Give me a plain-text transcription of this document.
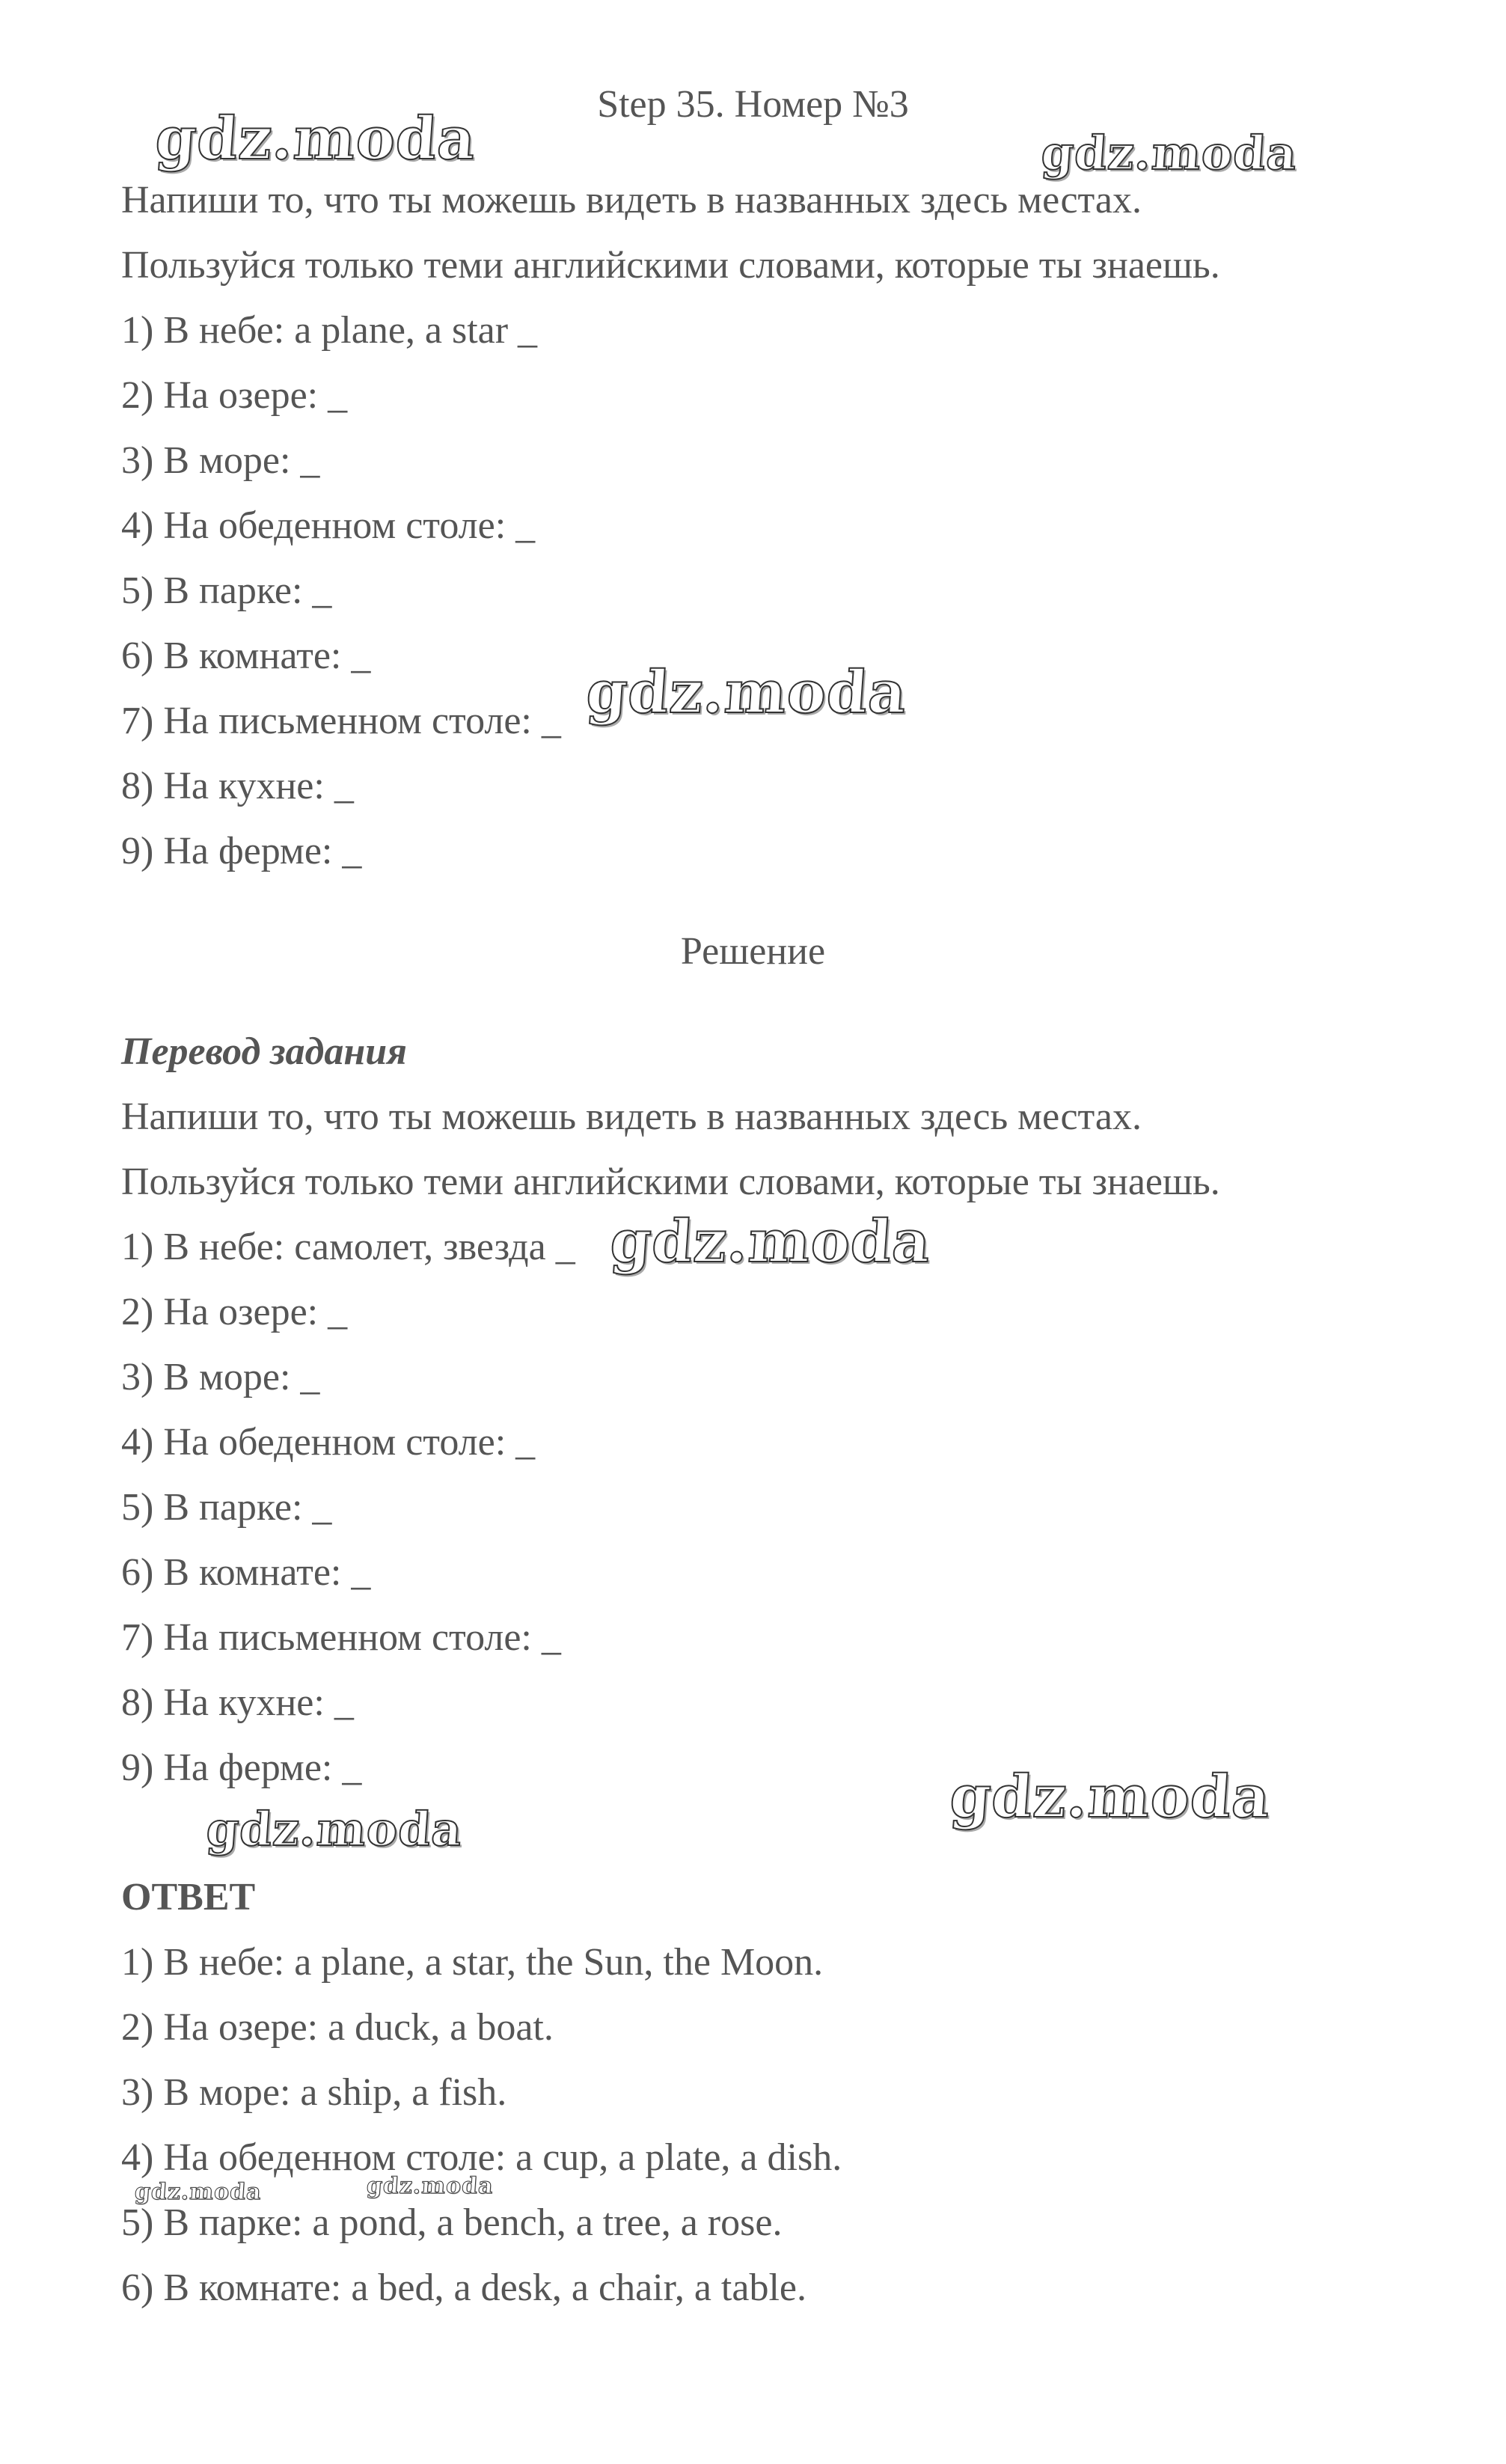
Step 35. Номер №3
Напиши то, что ты можешь видеть в названных здесь местах.
Пользуйся только теми английскими словами, которые ты знаешь.
1) В небе: a plane, a star _
2) На озере: _
3) В море: _
4) На обеденном столе: _
5) В парке: _
6) В комнате: _
7) На письменном столе: _
8) На кухне: _
9) На ферме: _
Решение
Перевод задания
Напиши то, что ты можешь видеть в названных здесь местах.
Пользуйся только теми английскими словами, которые ты знаешь.
1) В небе: самолет, звезда _
2) На озере: _
3) В море: _
4) На обеденном столе: _
5) В парке: _
6) В комнате: _
7) На письменном столе: _
8) На кухне: _
9) На ферме: _
ОТВЕТ
1) В небе: a plane, a star, the Sun, the Moon.
2) На озере: a duck, a boat.
3) В море: a ship, a fish.
4) На обеденном столе: a cup, a plate, a dish.
5) В парке: a pond, a bench, a tree, a rose.
6) В комнате: a bed, a desk, a chair, a table.
gdz.moda	gdz.moda
gdz.moda
gdz.moda
gdz.moda
gdz.moda
gdz.moda	gdz.moda
